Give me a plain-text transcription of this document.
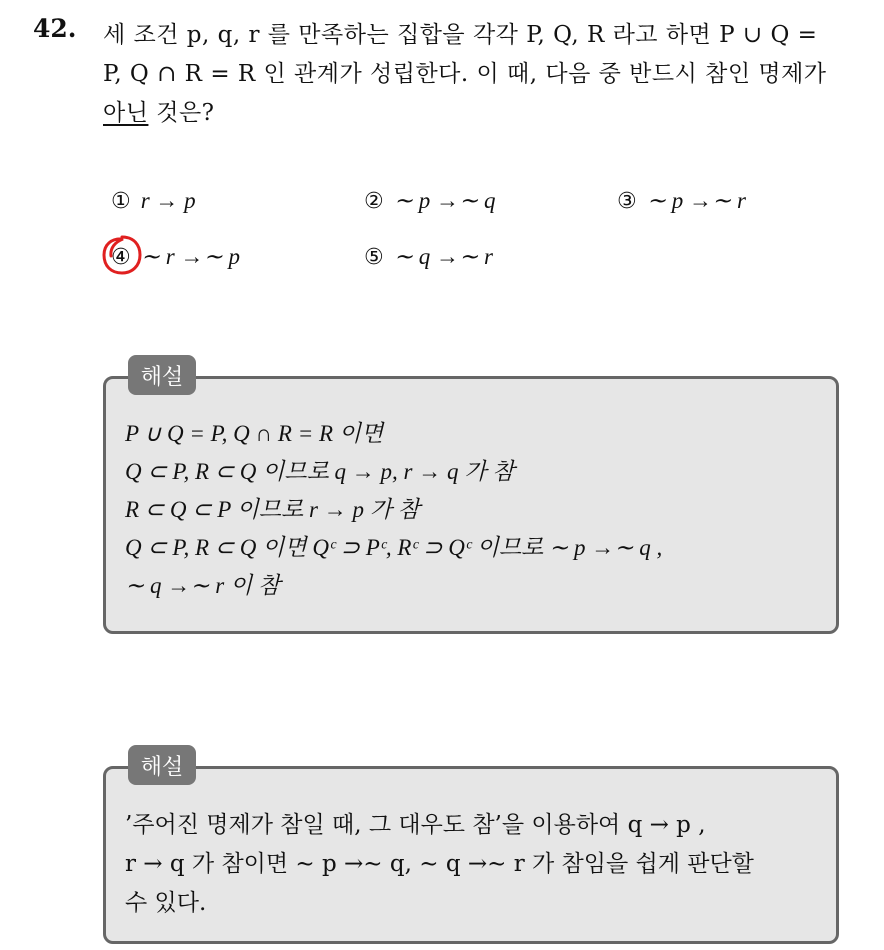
42. 세 조건 p, q, r 를 만족하는 집합을 각각 P, Q, R 라고 하면 P ∪ Q =
P, Q ∩ R = R 인 관계가 성립한다. 이 때, 다음 중 반드시 참인 명제가
아닌 것은?
① r → p	② ∼ p →∼ q	③ ∼ p →∼ r
④ ∼ r →∼ p	⑤ ∼ q →∼ r
해설
P ∪ Q = P, Q ∩ R = R 이면
Q ⊂ P, R ⊂ Q 이므로 q → p, r → q 가 참
R ⊂ Q ⊂ P 이므로 r → p 가 참
Q ⊂ P, R ⊂ Q 이면 Qᶜ ⊃ Pᶜ, Rᶜ ⊃ Qᶜ 이므로 ∼ p →∼ q ,
∼ q →∼ r 이 참
해설
’주어진 명제가 참일 때, 그 대우도 참’을 이용하여 q → p ,
r → q 가 참이면 ∼ p →∼ q, ∼ q →∼ r 가 참임을 쉽게 판단할
수 있다.
